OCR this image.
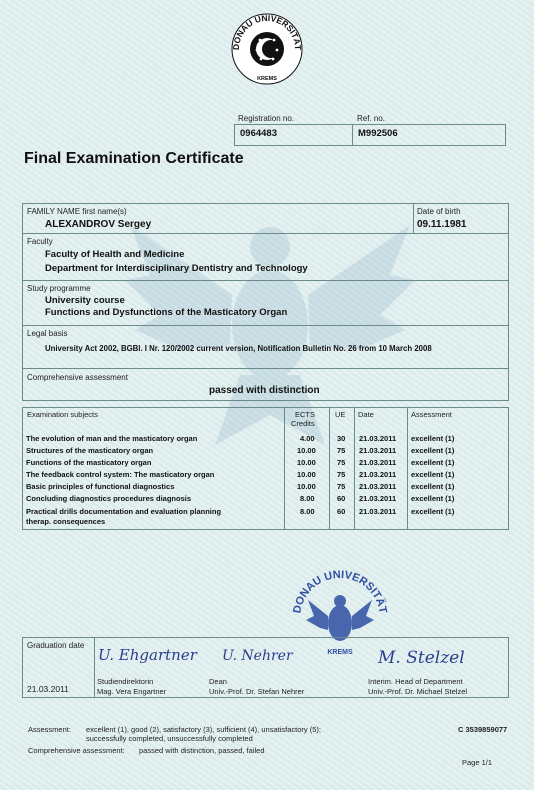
DONAU UNIVERSITÄT
KREMS
Registration no.	Ref. no.
0964483	M992506
Final Examination Certificate
FAMILY NAME first name(s)
ALEXANDROV Sergey
Date of birth
09.11.1981
Faculty
Faculty of Health and Medicine
Department for Interdisciplinary Dentistry and Technology
Study programme
University course
Functions and Dysfunctions of the Masticatory Organ
Legal basis
University Act 2002, BGBl. I Nr. 120/2002 current version, Notification Bulletin No. 26 from 10 March 2008
Comprehensive assessment
passed with distinction
Examination subjects	ECTS
Credits
UE Date	Assessment
The evolution of man and the masticatory organ	4.00	30 21.03.2011 excellent (1)
Structures of the masticatory organ	10.00	75 21.03.2011 excellent (1)
Functions of the masticatory organ	10.00	75 21.03.2011 excellent (1)
The feedback control system: The masticatory organ	10.00	75 21.03.2011 excellent (1)
Basic principles of functional diagnostics	10.00	75 21.03.2011 excellent (1)
Concluding diagnostics procedures diagnosis	8.00	60 21.03.2011 excellent (1)
Practical drills documentation and evaluation planning
therap. consequences
8.00	60 21.03.2011 excellent (1)
DONAU UNIVERSITÄT
KREMS
Graduation date
21.03.2011
U. Ehgartner U. Nehrer	M. Stelzel
Studiendirektorin
Mag. Vera Engartner
Dean
Univ.-Prof. Dr. Stefan Nehrer
Interim. Head of Department
Univ.-Prof. Dr. Michael Stelzel
Assessment: excellent (1), good (2), satisfactory (3), sufficient (4), unsatisfactory (5);
successfully completed, unsuccessfully completed
C 3539859077
Comprehensive assessment: passed with distinction, passed, failed
Page 1/1
